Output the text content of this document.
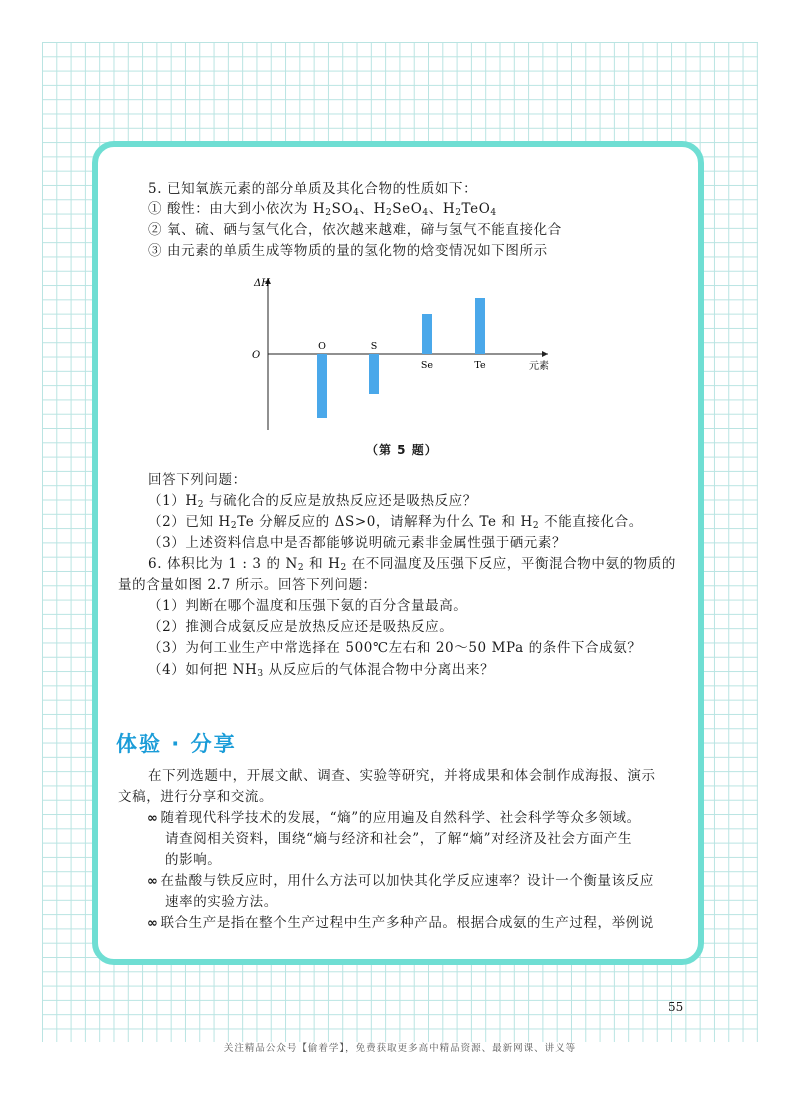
5. 已知氧族元素的部分单质及其化合物的性质如下：
① 酸性：由大到小依次为 $H_2SO_4$、$H_2SeO_4$、$H_2TeO_4$
② 氧、硫、硒与氢气化合，依次越来越难，碲与氢气不能直接化合
③ 由元素的单质生成等物质的量的氢化物的焓变情况如下图所示
ΔH
O
元素
O	S
Se	Te
（第 5 题）
回答下列问题：
$(1)H_2$ 与硫化合的反应是放热反应还是吸热反应？
（2）已知 $H_2Te$ 分解反应的 ΔS>0，请解释为什么 Te 和 $H_2$ 不能直接化合。
（3）上述资料信息中是否都能够说明硫元素非金属性强于硒元素？
6. 体积比为 1 : 3 的 $N_2$ 和 $H_2$ 在不同温度及压强下反应，平衡混合物中氨的物质的
量的含量如图 2.7 所示。回答下列问题：
（1）判断在哪个温度和压强下氨的百分含量最高。
（2）推测合成氨反应是放热反应还是吸热反应。
（3）为何工业生产中常选择在 500℃左右和 20～50 MPa 的条件下合成氨？
（4）如何把 $NH_3$ 从反应后的气体混合物中分离出来？
体验 · 分享
在下列选题中，开展文献、调查、实验等研究，并将成果和体会制作成海报、演示
文稿，进行分享和交流。
∞ 随着现代科学技术的发展，“熵”的应用遍及自然科学、社会科学等众多领域。
请查阅相关资料，围绕“熵与经济和社会”，了解“熵”对经济及社会方面产生
的影响。
∞ 在盐酸与铁反应时，用什么方法可以加快其化学反应速率？设计一个衡量该反应
速率的实验方法。
∞ 联合生产是指在整个生产过程中生产多种产品。根据合成氨的生产过程，举例说
55
关注精品公众号【偷着学】，免费获取更多高中精品资源、最新网课、讲义等
